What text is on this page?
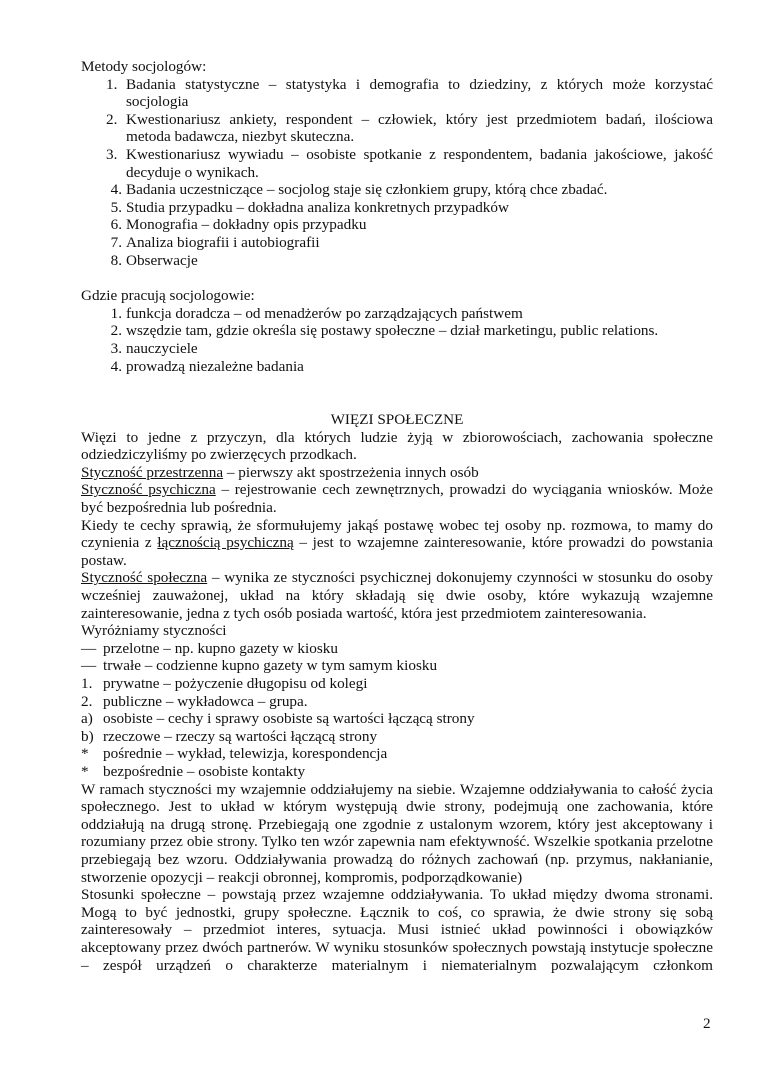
Metody socjologów:
1. Badania statystyczne – statystyka i demografia to dziedziny, z których może korzystać socjologia
2. Kwestionariusz ankiety, respondent – człowiek, który jest przedmiotem badań, ilościowa metoda badawcza, niezbyt skuteczna.
3. Kwestionariusz wywiadu – osobiste spotkanie z respondentem, badania jakościowe, jakość decyduje o wynikach.
4. Badania uczestniczące – socjolog staje się członkiem grupy, którą chce zbadać.
5. Studia przypadku – dokładna analiza konkretnych przypadków
6. Monografia – dokładny opis przypadku
7. Analiza biografii i autobiografii
8. Obserwacje
Gdzie pracują socjologowie:
1. funkcja doradcza – od menadżerów po zarządzających państwem
2. wszędzie tam, gdzie określa się postawy społeczne – dział marketingu, public relations.
3. nauczyciele
4. prowadzą niezależne badania
WIĘZI SPOŁECZNE
Więzi to jedne z przyczyn, dla których ludzie żyją w zbiorowościach, zachowania społeczne odziedziczyliśmy po zwierzęcych przodkach.
Styczność przestrzenna – pierwszy akt spostrzeżenia innych osób
Styczność psychiczna – rejestrowanie cech zewnętrznych, prowadzi do wyciągania wniosków. Może być bezpośrednia lub pośrednia.
Kiedy te cechy sprawią, że sformułujemy jakąś postawę wobec tej osoby np. rozmowa, to mamy do czynienia z łącznością psychiczną – jest to wzajemne zainteresowanie, które prowadzi do powstania postaw.
Styczność społeczna – wynika ze styczności psychicznej dokonujemy czynności w stosunku do osoby wcześniej zauważonej, układ na który składają się dwie osoby, które wykazują wzajemne zainteresowanie, jedna z tych osób posiada wartość, która jest przedmiotem zainteresowania.
Wyróżniamy styczności
— przelotne – np. kupno gazety w kiosku
— trwałe – codzienne kupno gazety w tym samym kiosku
1. prywatne – pożyczenie długopisu od kolegi
2. publiczne – wykładowca – grupa.
a) osobiste – cechy i sprawy osobiste są wartości łączącą strony
b) rzeczowe – rzeczy są wartości łączącą strony
* pośrednie – wykład, telewizja, korespondencja
* bezpośrednie – osobiste kontakty
W ramach styczności my wzajemnie oddziałujemy na siebie. Wzajemne oddziaływania to całość życia społecznego. Jest to układ w którym występują dwie strony, podejmują one zachowania, które oddziałują na drugą stronę. Przebiegają one zgodnie z ustalonym wzorem, który jest akceptowany i rozumiany przez obie strony. Tylko ten wzór zapewnia nam efektywność. Wszelkie spotkania przelotne przebiegają bez wzoru. Oddziaływania prowadzą do różnych zachowań (np. przymus, nakłanianie, stworzenie opozycji – reakcji obronnej, kompromis, podporządkowanie)
Stosunki społeczne – powstają przez wzajemne oddziaływania. To układ między dwoma stronami. Mogą to być jednostki, grupy społeczne. Łącznik to coś, co sprawia, że dwie strony się sobą zainteresowały – przedmiot interes, sytuacja. Musi istnieć układ powinności i obowiązków akceptowany przez dwóch partnerów. W wyniku stosunków społecznych powstają instytucje społeczne – zespół urządzeń o charakterze materialnym i niematerialnym pozwalającym członkom
2
